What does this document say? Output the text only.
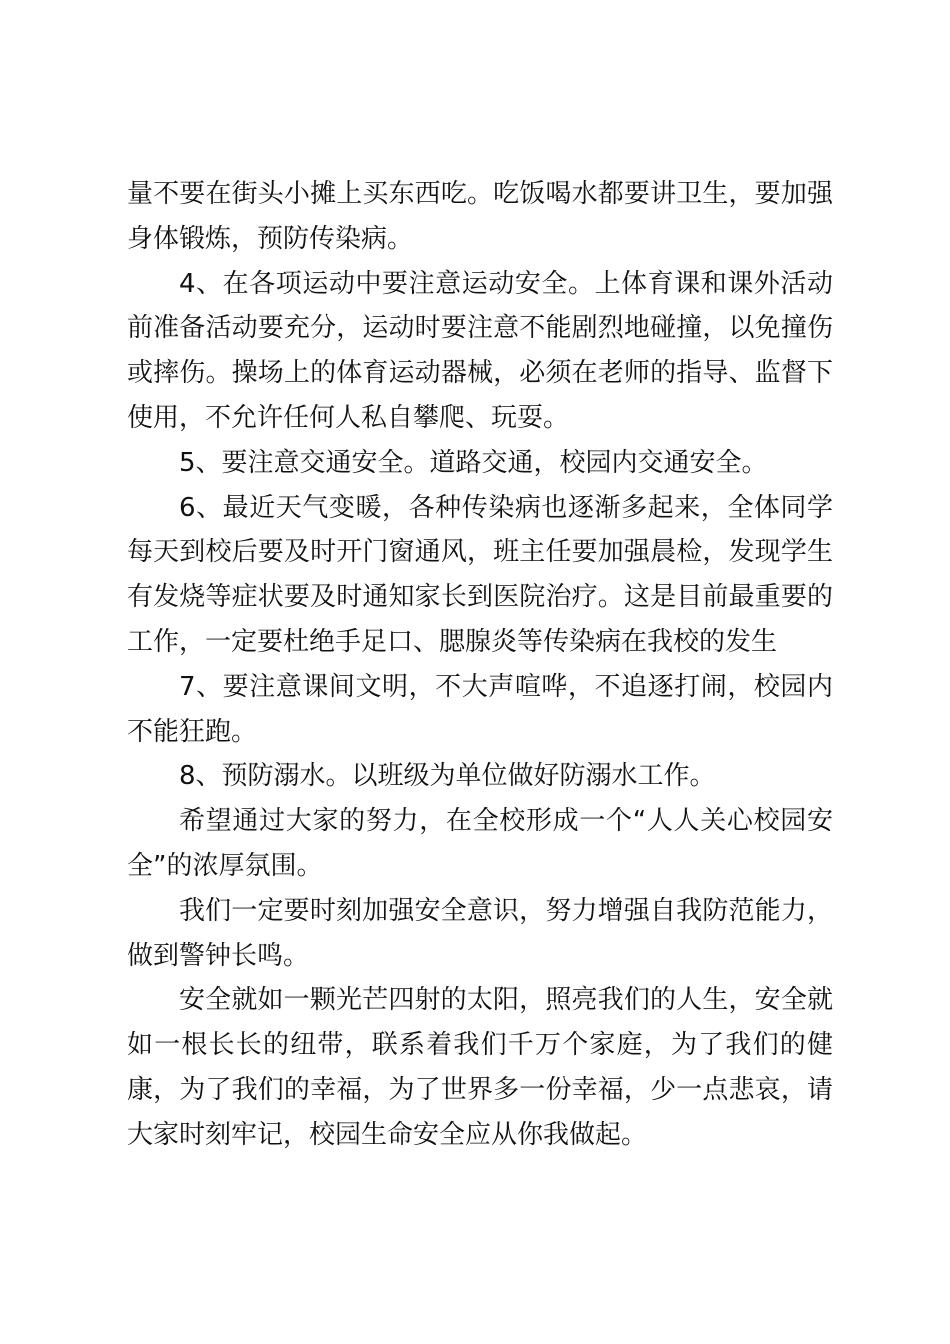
量不要在街头小摊上买东西吃。吃饭喝水都要讲卫生，要加强身体锻炼，预防传染病。

4、在各项运动中要注意运动安全。上体育课和课外活动前准备活动要充分，运动时要注意不能剧烈地碰撞，以免撞伤或摔伤。操场上的体育运动器械，必须在老师的指导、监督下使用，不允许任何人私自攀爬、玩耍。

5、要注意交通安全。道路交通，校园内交通安全。

6、最近天气变暖，各种传染病也逐渐多起来，全体同学每天到校后要及时开门窗通风，班主任要加强晨检，发现学生有发烧等症状要及时通知家长到医院治疗。这是目前最重要的工作，一定要杜绝手足口、腮腺炎等传染病在我校的发生

7、要注意课间文明，不大声喧哗，不追逐打闹，校园内不能狂跑。

8、预防溺水。以班级为单位做好防溺水工作。

希望通过大家的努力，在全校形成一个“人人关心校园安全”的浓厚氛围。

我们一定要时刻加强安全意识，努力增强自我防范能力，做到警钟长鸣。

安全就如一颗光芒四射的太阳，照亮我们的人生，安全就如一根长长的纽带，联系着我们千万个家庭，为了我们的健康，为了我们的幸福，为了世界多一份幸福，少一点悲哀，请大家时刻牢记，校园生命安全应从你我做起。
